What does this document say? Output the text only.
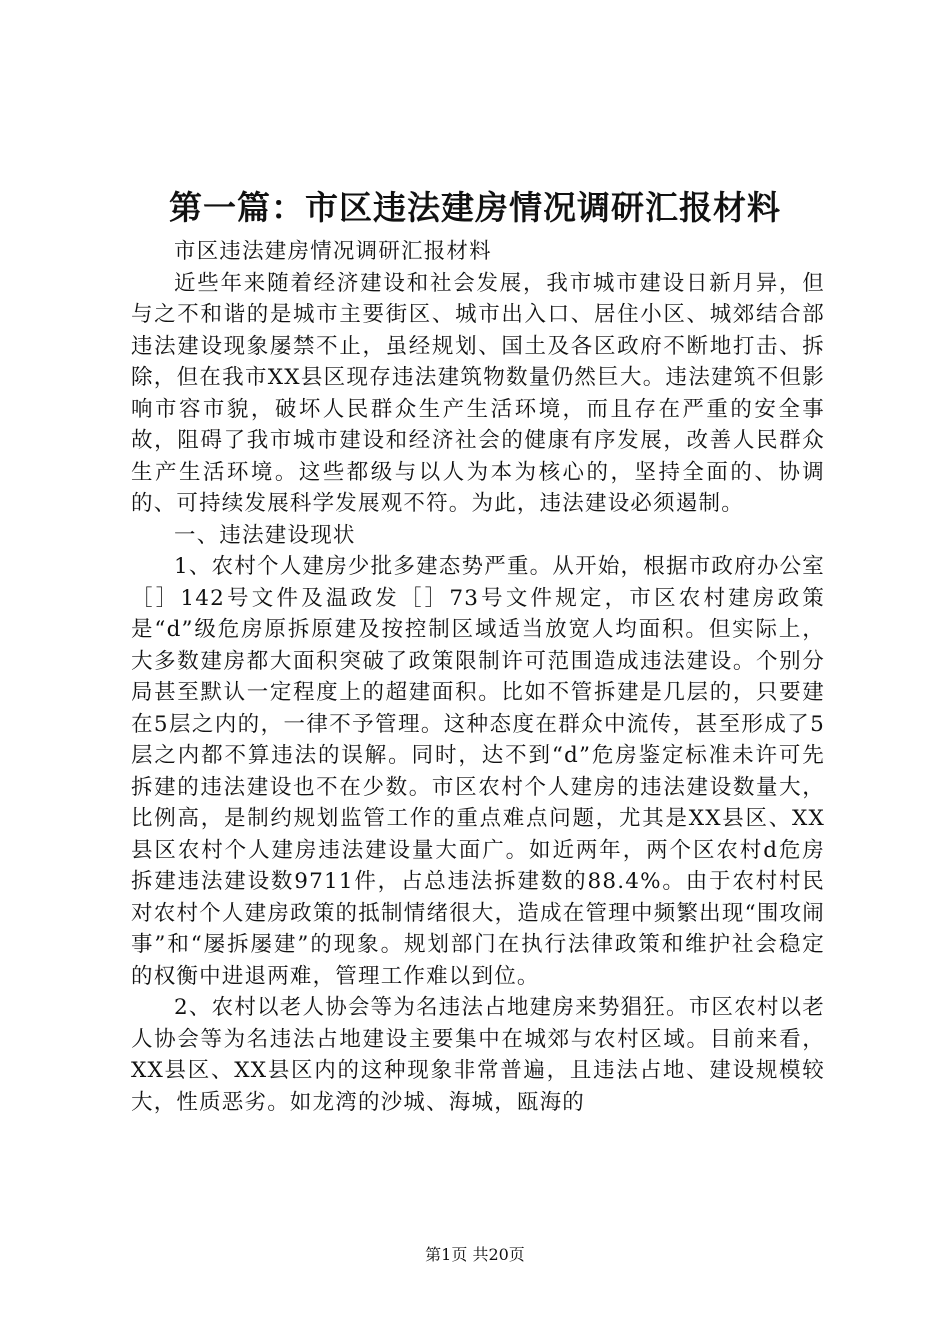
第一篇：市区违法建房情况调研汇报材料

市区违法建房情况调研汇报材料

近些年来随着经济建设和社会发展，我市城市建设日新月异，但与之不和谐的是城市主要街区、城市出入口、居住小区、城郊结合部违法建设现象屡禁不止，虽经规划、国土及各区政府不断地打击、拆除，但在我市XX县区现存违法建筑物数量仍然巨大。违法建筑不但影响市容市貌，破坏人民群众生产生活环境，而且存在严重的安全事故，阻碍了我市城市建设和经济社会的健康有序发展，改善人民群众生产生活环境。这些都级与以人为本为核心的，坚持全面的、协调的、可持续发展科学发展观不符。为此，违法建设必须遏制。

一、违法建设现状

1、农村个人建房少批多建态势严重。从开始，根据市政府办公室［］142号文件及温政发［］73号文件规定，市区农村建房政策是“d”级危房原拆原建及按控制区域适当放宽人均面积。但实际上，大多数建房都大面积突破了政策限制许可范围造成违法建设。个别分局甚至默认一定程度上的超建面积。比如不管拆建是几层的，只要建在5层之内的，一律不予管理。这种态度在群众中流传，甚至形成了5层之内都不算违法的误解。同时，达不到“d”危房鉴定标准未许可先拆建的违法建设也不在少数。市区农村个人建房的违法建设数量大，比例高，是制约规划监管工作的重点难点问题，尤其是XX县区、XX县区农村个人建房违法建设量大面广。如近两年，两个区农村d危房拆建违法建设数9711件，占总违法拆建数的88.4%。由于农村村民对农村个人建房政策的抵制情绪很大，造成在管理中频繁出现“围攻闹事”和“屡拆屡建”的现象。规划部门在执行法律政策和维护社会稳定的权衡中进退两难，管理工作难以到位。

2、农村以老人协会等为名违法占地建房来势猖狂。市区农村以老人协会等为名违法占地建设主要集中在城郊与农村区域。目前来看，XX县区、XX县区内的这种现象非常普遍，且违法占地、建设规模较大，性质恶劣。如龙湾的沙城、海城，瓯海的

第1页 共20页
